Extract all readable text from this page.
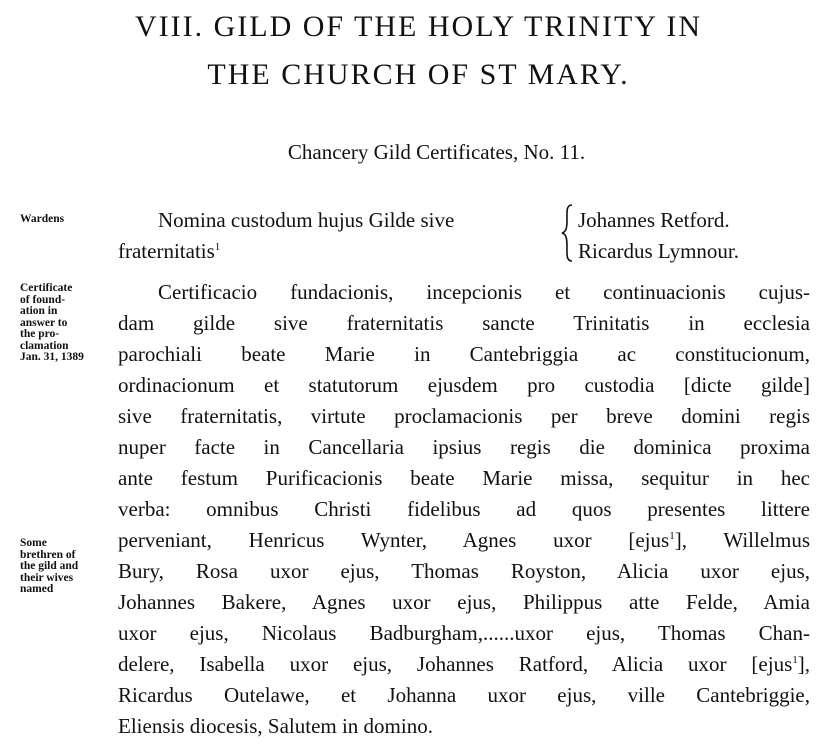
VIII. GILD OF THE HOLY TRINITY IN
THE CHURCH OF ST MARY.
Chancery Gild Certificates, No. 11.
Wardens
Certificate
of found-
ation in
answer to
the pro-
clamation
Jan. 31, 1389
Some
brethren of
the gild and
their wives
named
Nomina custodum hujus Gilde sive
fraternitatis$^1$
Johannes Retford.
Ricardus Lymnour.
Certificacio fundacionis, incepcionis et continuacionis cujus-
dam gilde sive fraternitatis sancte Trinitatis in ecclesia
parochiali beate Marie in Cantebriggia ac constitucionum,
ordinacionum et statutorum ejusdem pro custodia [dicte gilde]
sive fraternitatis, virtute proclamacionis per breve domini regis
nuper facte in Cancellaria ipsius regis die dominica proxima
ante festum Purificacionis beate Marie missa, sequitur in hec
verba: omnibus Christi fidelibus ad quos presentes littere
perveniant, Henricus Wynter, Agnes uxor [ejus$^1$], Willelmus
Bury, Rosa uxor ejus, Thomas Royston, Alicia uxor ejus,
Johannes Bakere, Agnes uxor ejus, Philippus atte Felde, Amia
uxor ejus, Nicolaus Badburgham,......uxor ejus, Thomas Chan-
delere, Isabella uxor ejus, Johannes Ratford, Alicia uxor [ejus$^1$],
Ricardus Outelawe, et Johanna uxor ejus, ville Cantebriggie,
Eliensis diocesis, Salutem in domino.
